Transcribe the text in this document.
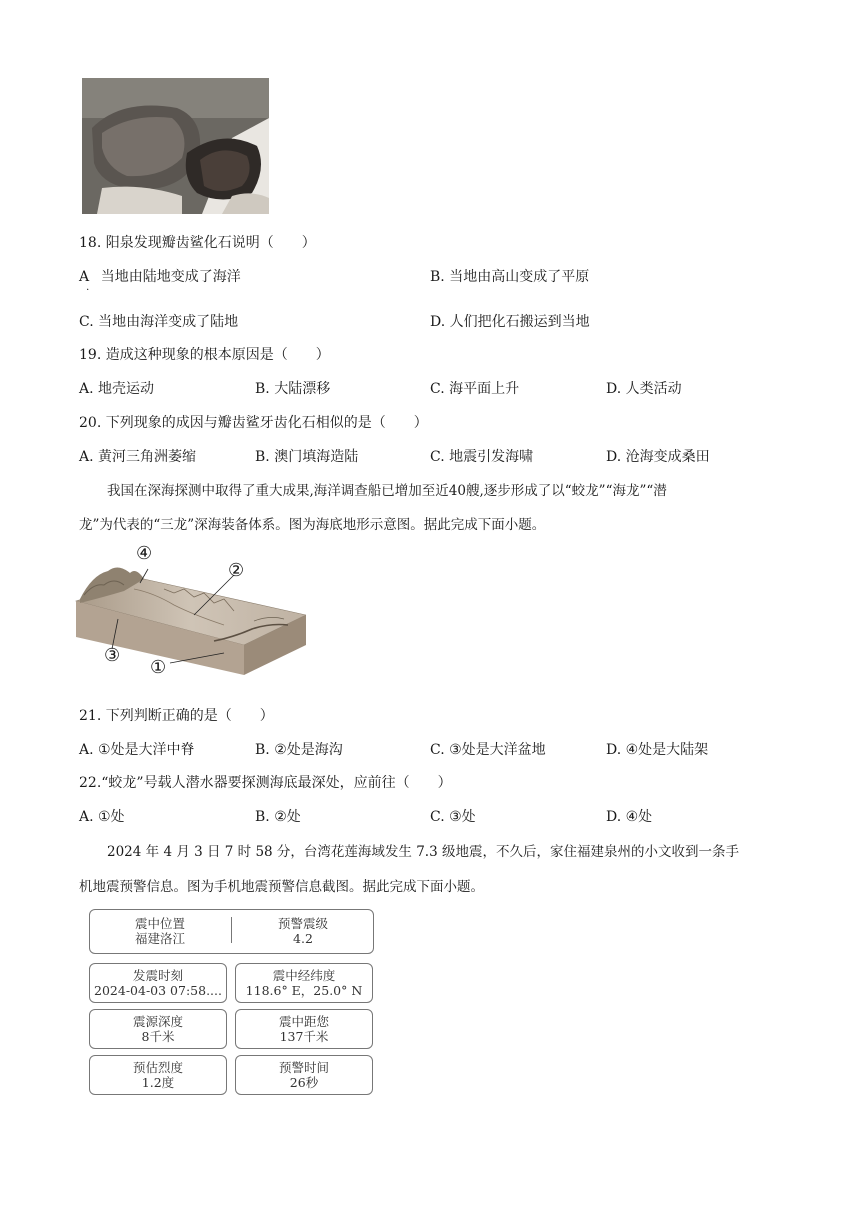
18. 阳泉发现瓣齿鲨化石说明（　　）
$A_\cdot$ 当地由陆地变成了海洋	B. 当地由高山变成了平原
C. 当地由海洋变成了陆地	D. 人们把化石搬运到当地
19. 造成这种现象的根本原因是（　　）
A. 地壳运动	B. 大陆漂移	C. 海平面上升	D. 人类活动
20. 下列现象的成因与瓣齿鲨牙齿化石相似的是（　　）
A. 黄河三角洲萎缩	B. 澳门填海造陆	C. 地震引发海啸	D. 沧海变成桑田
我国在深海探测中取得了重大成果,海洋调查船已增加至近40艘,逐步形成了以“蛟龙”“海龙”“潜
龙”为代表的“三龙”深海装备体系。图为海底地形示意图。据此完成下面小题。
④
②
③
①
21. 下列判断正确的是（　　）
A. ①处是大洋中脊	B. ②处是海沟	C. ③处是大洋盆地	D. ④处是大陆架
22.“蛟龙”号载人潜水器要探测海底最深处，应前往（　　）
A. ①处	B. ②处	C. ③处	D. ④处
2024 年 4 月 3 日 7 时 58 分，台湾花莲海域发生 7.3 级地震，不久后，家住福建泉州的小文收到一条手
机地震预警信息。图为手机地震预警信息截图。据此完成下面小题。
震中位置
福建洛江
预警震级
4.2
发震时刻
2024-04-03 07:58....
震中经纬度
118.6° E，25.0° N
震源深度
8千米
震中距您
137千米
预估烈度
1.2度
预警时间
26秒
